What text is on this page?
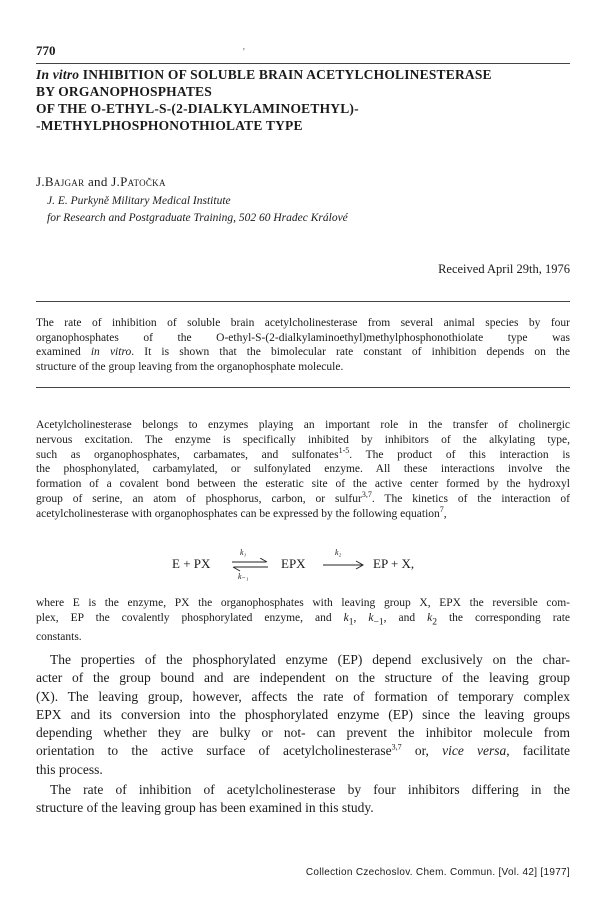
770	'
In vitro INHIBITION OF SOLUBLE BRAIN ACETYLCHOLINESTERASE
BY ORGANOPHOSPHATES
OF THE O-ETHYL-S-(2-DIALKYLAMINOETHYL)-
-METHYLPHOSPHONOTHIOLATE TYPE
J.Bajgar and J.Patočka
J. E. Purkyně Military Medical Institute
for Research and Postgraduate Training, 502 60 Hradec Králové
Received April 29th, 1976
The rate of inhibition of soluble brain acetylcholinesterase from several animal species by four
organophosphates of the O-ethyl-S-(2-dialkylaminoethyl)methylphosphonothiolate type was
examined in vitro. It is shown that the bimolecular rate constant of inhibition depends on the
structure of the group leaving from the organophosphate molecule.
Acetylcholinesterase belongs to enzymes playing an important role in the transfer of cholinergic
nervous excitation. The enzyme is specifically inhibited by inhibitors of the alkylating type,
such as organophosphates, carbamates, and sulfonates$^{1-5}$. The product of this interaction is
the phosphonylated, carbamylated, or sulfonylated enzyme. All these interactions involve the
formation of a covalent bond between the esteratic site of the active center formed by the hydroxyl
group of serine, an atom of phosphorus, carbon, or sulfur$^{3,7}$. The kinetics of the interaction of
acetylcholinesterase with organophosphates can be expressed by the following equation$^7$,
E + PX
k₁
k₋₁
EPX
k₂
EP + X,
where E is the enzyme, PX the organophosphates with leaving group X, EPX the reversible com-
plex, EP the covalently phosphorylated enzyme, and $k_1$, $k_{-1}$, and $k_2$ the corresponding rate
constants.
The properties of the phosphorylated enzyme (EP) depend exclusively on the char-
acter of the group bound and are independent on the structure of the leaving group
(X). The leaving group, however, affects the rate of formation of temporary complex
EPX and its conversion into the phosphorylated enzyme (EP) since the leaving groups
depending whether they are bulky or not- can prevent the inhibitor molecule from
orientation to the active surface of acetylcholinesterase$^{3,7}$ or, vice versa, facilitate
this process.
The rate of inhibition of acetylcholinesterase by four inhibitors differing in the
structure of the leaving group has been examined in this study.
Collection Czechoslov. Chem. Commun. [Vol. 42] [1977]
